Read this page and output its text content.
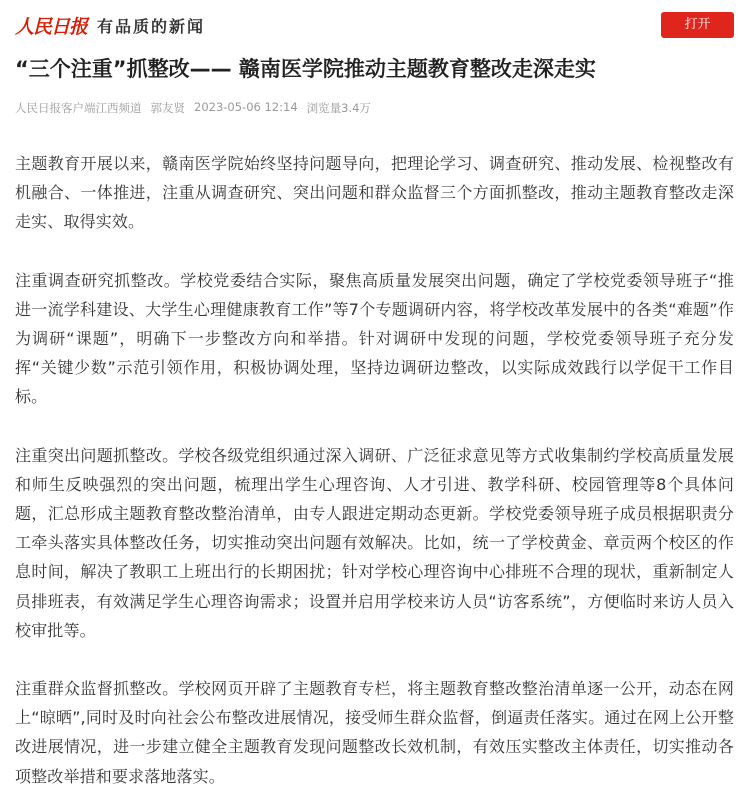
人民日报 有品质的新闻	打开
“三个注重”抓整改—— 赣南医学院推动主题教育整改走深走实
人民日报客户端江西频道 郭友贤 2023-05-06 12:14 浏览量3.4万

主题教育开展以来，赣南医学院始终坚持问题导向，把理论学习、调查研究、推动发展、检视整改有机融合、一体推进，注重从调查研究、突出问题和群众监督三个方面抓整改，推动主题教育整改走深走实、取得实效。

注重调查研究抓整改。学校党委结合实际，聚焦高质量发展突出问题，确定了学校党委领导班子“推进一流学科建设、大学生心理健康教育工作”等7个专题调研内容，将学校改革发展中的各类“难题”作为调研“课题”，明确下一步整改方向和举措。针对调研中发现的问题，学校党委领导班子充分发挥“关键少数”示范引领作用，积极协调处理，坚持边调研边整改，以实际成效践行以学促干工作目标。

注重突出问题抓整改。学校各级党组织通过深入调研、广泛征求意见等方式收集制约学校高质量发展和师生反映强烈的突出问题，梳理出学生心理咨询、人才引进、教学科研、校园管理等8个具体问题，汇总形成主题教育整改整治清单，由专人跟进定期动态更新。学校党委领导班子成员根据职责分工牵头落实具体整改任务，切实推动突出问题有效解决。比如，统一了学校黄金、章贡两个校区的作息时间，解决了教职工上班出行的长期困扰；针对学校心理咨询中心排班不合理的现状，重新制定人员排班表，有效满足学生心理咨询需求；设置并启用学校来访人员“访客系统”，方便临时来访人员入校审批等。

注重群众监督抓整改。学校网页开辟了主题教育专栏，将主题教育整改整治清单逐一公开，动态在网上“晾晒”,同时及时向社会公布整改进展情况，接受师生群众监督，倒逼责任落实。通过在网上公开整改进展情况，进一步建立健全主题教育发现问题整改长效机制，有效压实整改主体责任，切实推动各项整改举措和要求落地落实。
